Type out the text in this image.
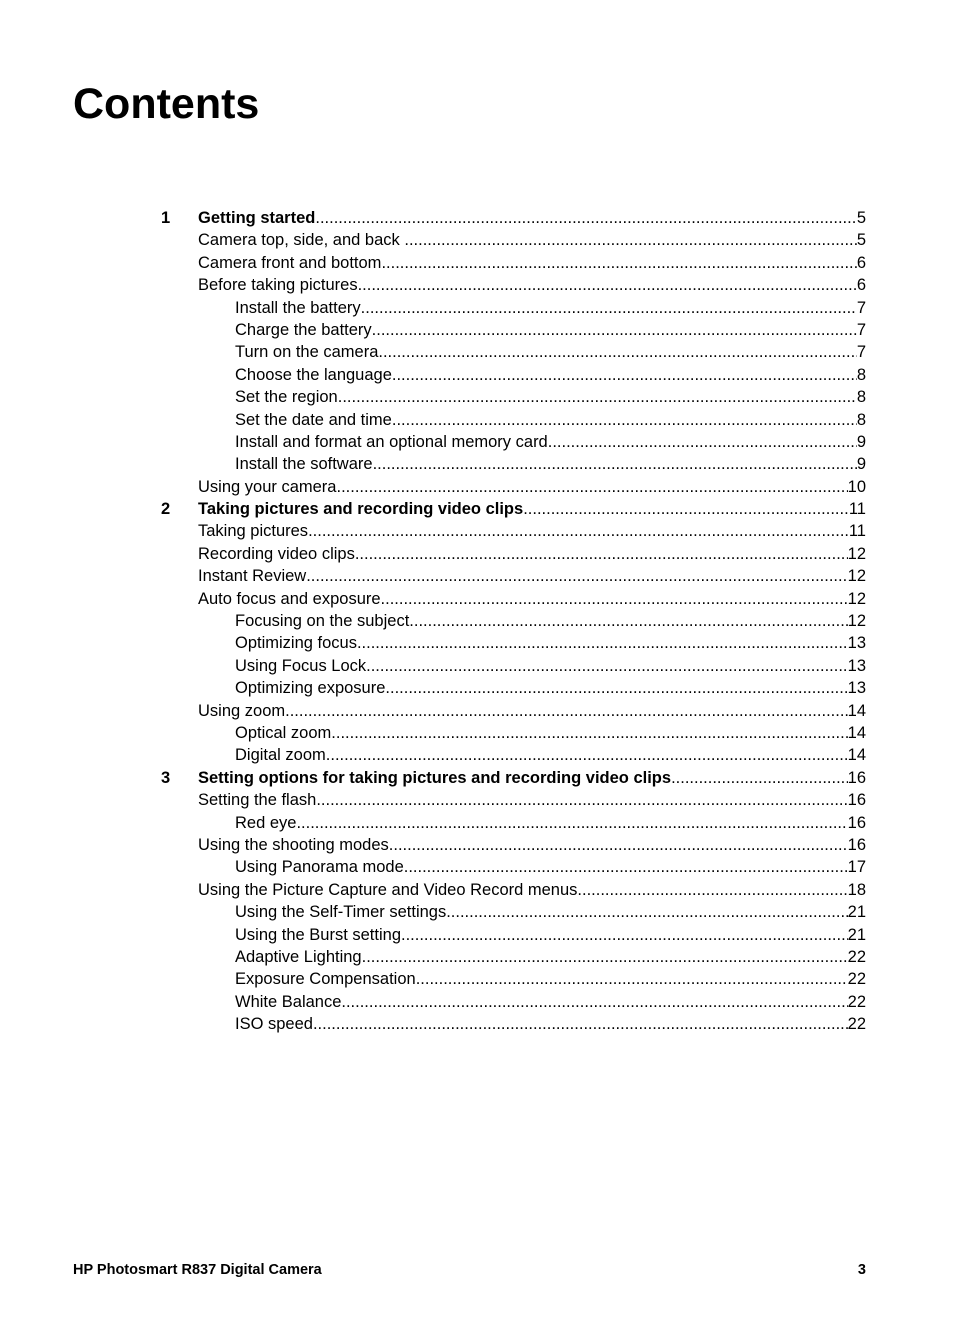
Contents
1 Getting started .....	5
Camera top, side, and back .....	5
Camera front and bottom .....	6
Before taking pictures .....	6
Install the battery .....	7
Charge the battery .....	7
Turn on the camera .....	7
Choose the language .....	8
Set the region .....	8
Set the date and time .....	8
Install and format an optional memory card .....	9
Install the software .....	9
Using your camera .....	10
2 Taking pictures and recording video clips .....	11
Taking pictures .....	11
Recording video clips .....	12
Instant Review .....	12
Auto focus and exposure .....	12
Focusing on the subject .....	12
Optimizing focus .....	13
Using Focus Lock .....	13
Optimizing exposure .....	13
Using zoom .....	14
Optical zoom .....	14
Digital zoom .....	14
3 Setting options for taking pictures and recording video clips .....	16
Setting the flash .....	16
Red eye .....	16
Using the shooting modes .....	16
Using Panorama mode .....	17
Using the Picture Capture and Video Record menus .....	18
Using the Self-Timer settings .....	21
Using the Burst setting .....	21
Adaptive Lighting .....	22
Exposure Compensation .....	22
White Balance .....	22
ISO speed .....	22
HP Photosmart R837 Digital Camera	3
